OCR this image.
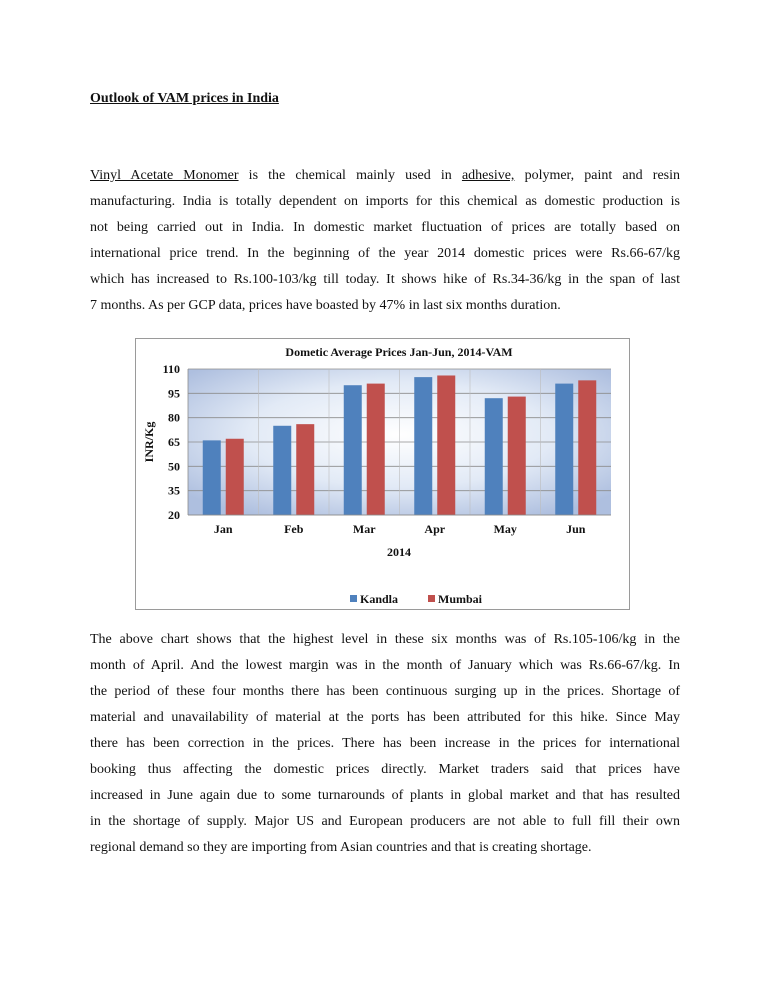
Outlook of VAM prices in India
Vinyl Acetate Monomer is the chemical mainly used in adhesive, polymer, paint and resin
manufacturing. India is totally dependent on imports for this chemical as domestic production is
not being carried out in India. In domestic market fluctuation of prices are totally based on
international price trend. In the beginning of the year 2014 domestic prices were Rs.66-67/kg
which has increased to Rs.100-103/kg till today. It shows hike of Rs.34-36/kg in the span of last
7 months. As per GCP data, prices have boasted by 47% in last six months duration.
20
35
50
65
80
95
110
Jan	Feb	Mar	Apr	May	Jun
Dometic Average Prices Jan-Jun, 2014-VAM
2014
INR/Kg
Kandla	Mumbai
The above chart shows that the highest level in these six months was of Rs.105-106/kg in the
month of April. And the lowest margin was in the month of January which was Rs.66-67/kg. In
the period of these four months there has been continuous surging up in the prices. Shortage of
material and unavailability of material at the ports has been attributed for this hike. Since May
there has been correction in the prices. There has been increase in the prices for international
booking thus affecting the domestic prices directly. Market traders said that prices have
increased in June again due to some turnarounds of plants in global market and that has resulted
in the shortage of supply. Major US and European producers are not able to full fill their own
regional demand so they are importing from Asian countries and that is creating shortage.
